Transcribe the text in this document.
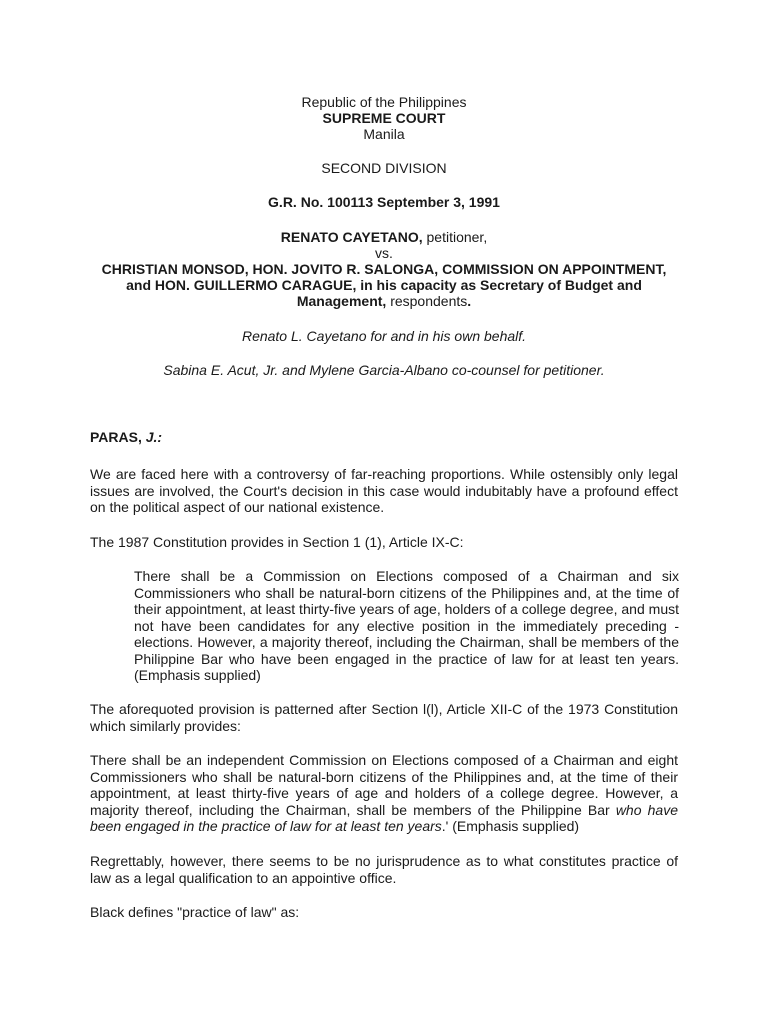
Republic of the Philippines
SUPREME COURT
Manila
SECOND DIVISION
G.R. No. 100113 September 3, 1991
RENATO CAYETANO, petitioner,
vs.
CHRISTIAN MONSOD, HON. JOVITO R. SALONGA, COMMISSION ON APPOINTMENT, and HON. GUILLERMO CARAGUE, in his capacity as Secretary of Budget and Management, respondents.
Renato L. Cayetano for and in his own behalf.
Sabina E. Acut, Jr. and Mylene Garcia-Albano co-counsel for petitioner.
PARAS, J.:
We are faced here with a controversy of far-reaching proportions. While ostensibly only legal issues are involved, the Court's decision in this case would indubitably have a profound effect on the political aspect of our national existence.
The 1987 Constitution provides in Section 1 (1), Article IX-C:
There shall be a Commission on Elections composed of a Chairman and six Commissioners who shall be natural-born citizens of the Philippines and, at the time of their appointment, at least thirty-five years of age, holders of a college degree, and must not have been candidates for any elective position in the immediately preceding -elections. However, a majority thereof, including the Chairman, shall be members of the Philippine Bar who have been engaged in the practice of law for at least ten years. (Emphasis supplied)
The aforequoted provision is patterned after Section l(l), Article XII-C of the 1973 Constitution which similarly provides:
There shall be an independent Commission on Elections composed of a Chairman and eight Commissioners who shall be natural-born citizens of the Philippines and, at the time of their appointment, at least thirty-five years of age and holders of a college degree. However, a majority thereof, including the Chairman, shall be members of the Philippine Bar who have been engaged in the practice of law for at least ten years.' (Emphasis supplied)
Regrettably, however, there seems to be no jurisprudence as to what constitutes practice of law as a legal qualification to an appointive office.
Black defines "practice of law" as:
